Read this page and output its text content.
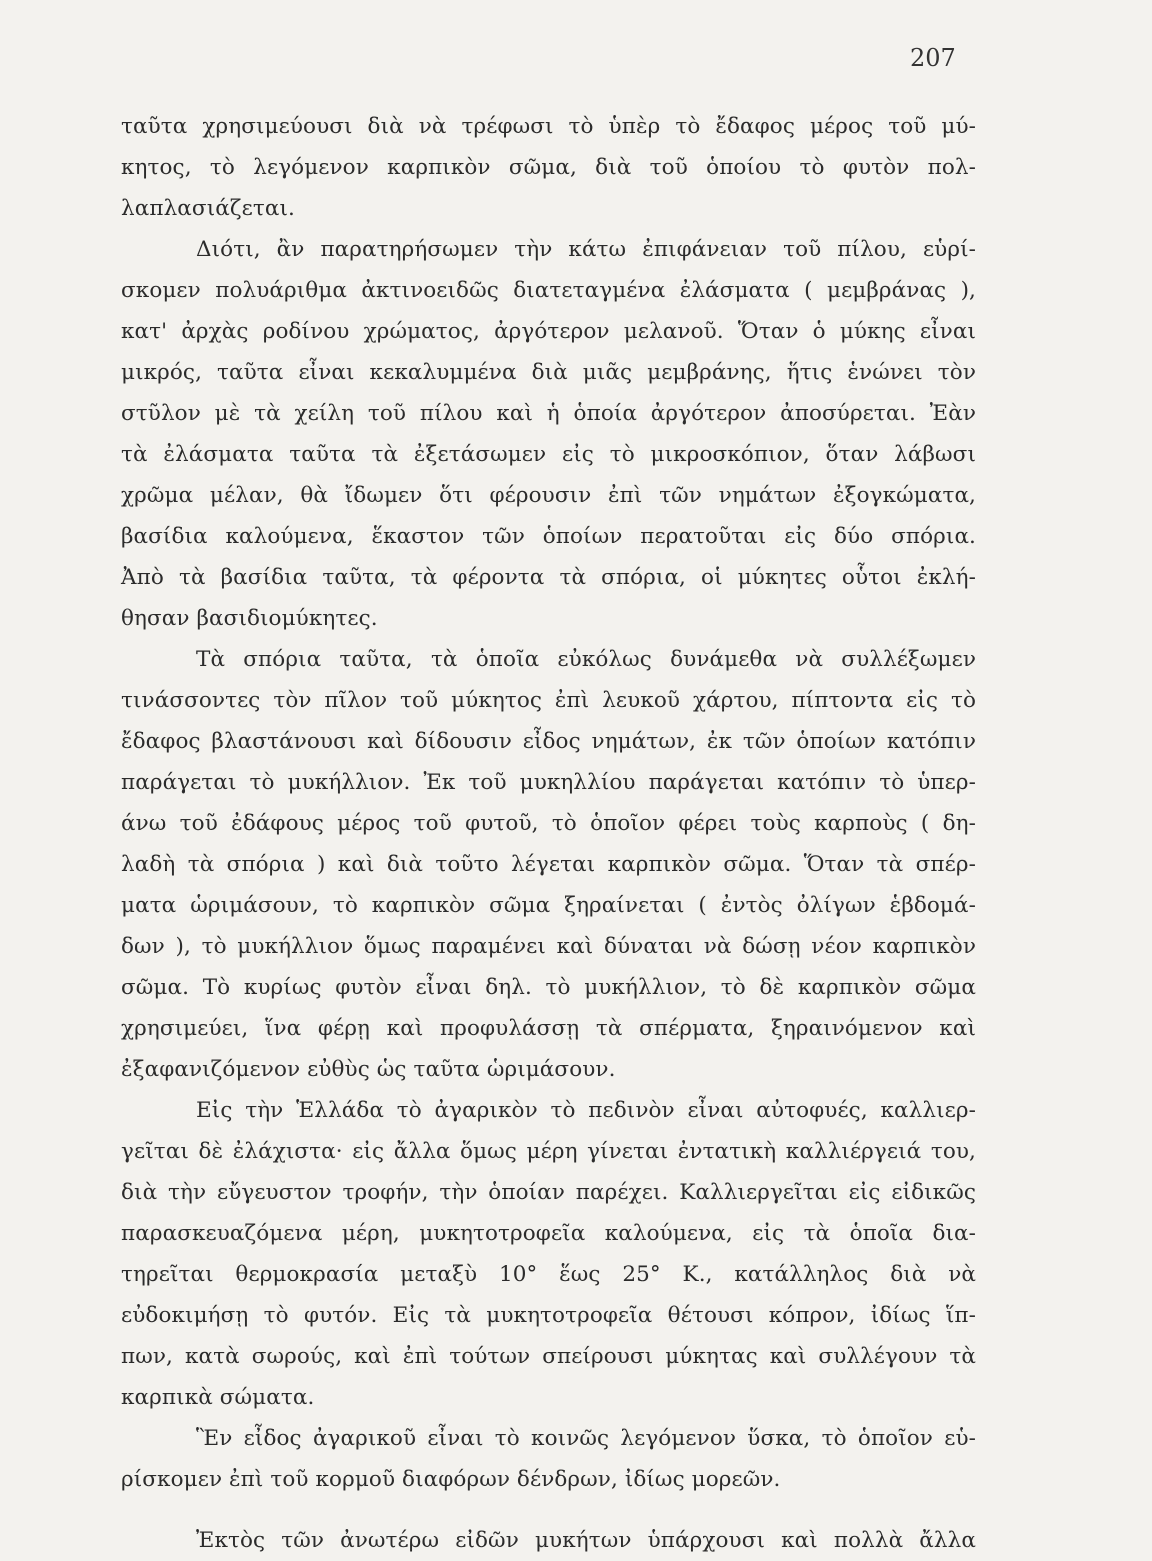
207
ταῦτα χρησιμεύουσι διὰ νὰ τρέφωσι τὸ ὑπὲρ τὸ ἔδαφος μέρος τοῦ μύ-
κητος, τὸ λεγόμενον καρπικὸν σῶμα, διὰ τοῦ ὁποίου τὸ φυτὸν πολ-
λαπλασιάζεται.
Διότι, ἂν παρατηρήσωμεν τὴν κάτω ἐπιφάνειαν τοῦ πίλου, εὑρί-
σκομεν πολυάριθμα ἀκτινοειδῶς διατεταγμένα ἐλάσματα ( μεμβράνας ),
κατ' ἀρχὰς ροδίνου χρώματος, ἀργότερον μελανοῦ. Ὅταν ὁ μύκης εἶναι
μικρός, ταῦτα εἶναι κεκαλυμμένα διὰ μιᾶς μεμβράνης, ἥτις ἑνώνει τὸν
στῦλον μὲ τὰ χείλη τοῦ πίλου καὶ ἡ ὁποία ἀργότερον ἀποσύρεται. Ἐὰν
τὰ ἐλάσματα ταῦτα τὰ ἐξετάσωμεν εἰς τὸ μικροσκόπιον, ὅταν λάβωσι
χρῶμα μέλαν, θὰ ἴδωμεν ὅτι φέρουσιν ἐπὶ τῶν νημάτων ἐξογκώματα,
βασίδια καλούμενα, ἕκαστον τῶν ὁποίων περατοῦται εἰς δύο σπόρια.
Ἀπὸ τὰ βασίδια ταῦτα, τὰ φέροντα τὰ σπόρια, οἱ μύκητες οὗτοι ἐκλή-
θησαν βασιδιομύκητες.
Τὰ σπόρια ταῦτα, τὰ ὁποῖα εὐκόλως δυνάμεθα νὰ συλλέξωμεν
τινάσσοντες τὸν πῖλον τοῦ μύκητος ἐπὶ λευκοῦ χάρτου, πίπτοντα εἰς τὸ
ἔδαφος βλαστάνουσι καὶ δίδουσιν εἶδος νημάτων, ἐκ τῶν ὁποίων κατόπιν
παράγεται τὸ μυκήλλιον. Ἐκ τοῦ μυκηλλίου παράγεται κατόπιν τὸ ὑπερ-
άνω τοῦ ἐδάφους μέρος τοῦ φυτοῦ, τὸ ὁποῖον φέρει τοὺς καρποὺς ( δη-
λαδὴ τὰ σπόρια ) καὶ διὰ τοῦτο λέγεται καρπικὸν σῶμα. Ὅταν τὰ σπέρ-
ματα ὡριμάσουν, τὸ καρπικὸν σῶμα ξηραίνεται ( ἐντὸς ὀλίγων ἑβδομά-
δων ), τὸ μυκήλλιον ὅμως παραμένει καὶ δύναται νὰ δώσῃ νέον καρπικὸν
σῶμα. Τὸ κυρίως φυτὸν εἶναι δηλ. τὸ μυκήλλιον, τὸ δὲ καρπικὸν σῶμα
χρησιμεύει, ἵνα φέρῃ καὶ προφυλάσσῃ τὰ σπέρματα, ξηραινόμενον καὶ
ἐξαφανιζόμενον εὐθὺς ὡς ταῦτα ὡριμάσουν.
Εἰς τὴν Ἑλλάδα τὸ ἀγαρικὸν τὸ πεδινὸν εἶναι αὐτοφυές, καλλιερ-
γεῖται δὲ ἐλάχιστα· εἰς ἄλλα ὅμως μέρη γίνεται ἐντατικὴ καλλιέργειά του,
διὰ τὴν εὔγευστον τροφήν, τὴν ὁποίαν παρέχει. Καλλιεργεῖται εἰς εἰδικῶς
παρασκευαζόμενα μέρη, μυκητοτροφεῖα καλούμενα, εἰς τὰ ὁποῖα δια-
τηρεῖται θερμοκρασία μεταξὺ 10° ἕως 25° Κ., κατάλληλος διὰ νὰ
εὐδοκιμήσῃ τὸ φυτόν. Εἰς τὰ μυκητοτροφεῖα θέτουσι κόπρον, ἰδίως ἵπ-
πων, κατὰ σωρούς, καὶ ἐπὶ τούτων σπείρουσι μύκητας καὶ συλλέγουν τὰ
καρπικὰ σώματα.
Ἓν εἶδος ἀγαρικοῦ εἶναι τὸ κοινῶς λεγόμενον ὕσκα, τὸ ὁποῖον εὑ-
ρίσκομεν ἐπὶ τοῦ κορμοῦ διαφόρων δένδρων, ἰδίως μορεῶν.
Ἐκτὸς τῶν ἀνωτέρω εἰδῶν μυκήτων ὑπάρχουσι καὶ πολλὰ ἄλλα
